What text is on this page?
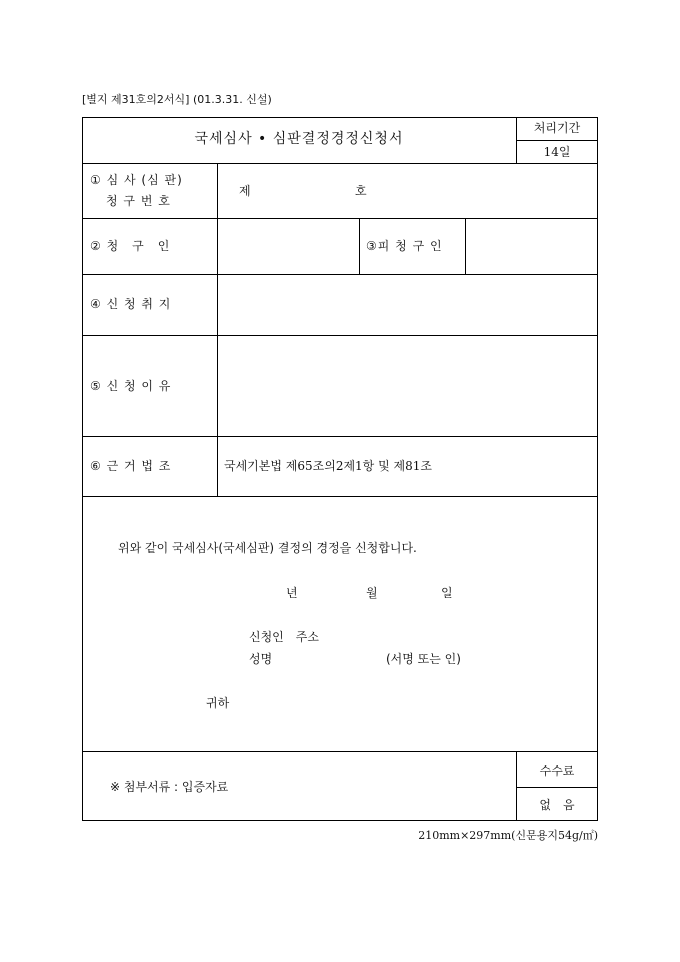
[별지 제31호의2서식] (01.3.31. 신설)
국세심사 • 심판결정경정신청서
처리기간
14일
① 심 사 (심 판)
청 구 번 호
제	호
② 청　구　인	③피 청 구 인
④ 신 청 취 지
⑤ 신 청 이 유
⑥ 근 거 법 조	국세기본법 제65조의2제1항 및 제81조
위와 같이 국세심사(국세심판) 결정의 경정을 신청합니다.
년	월	일
신청인　주소
성명	(서명 또는 인)
귀하
※ 첨부서류 : 입증자료
수수료
없　음
210mm×297mm(신문용지54g/㎡)
